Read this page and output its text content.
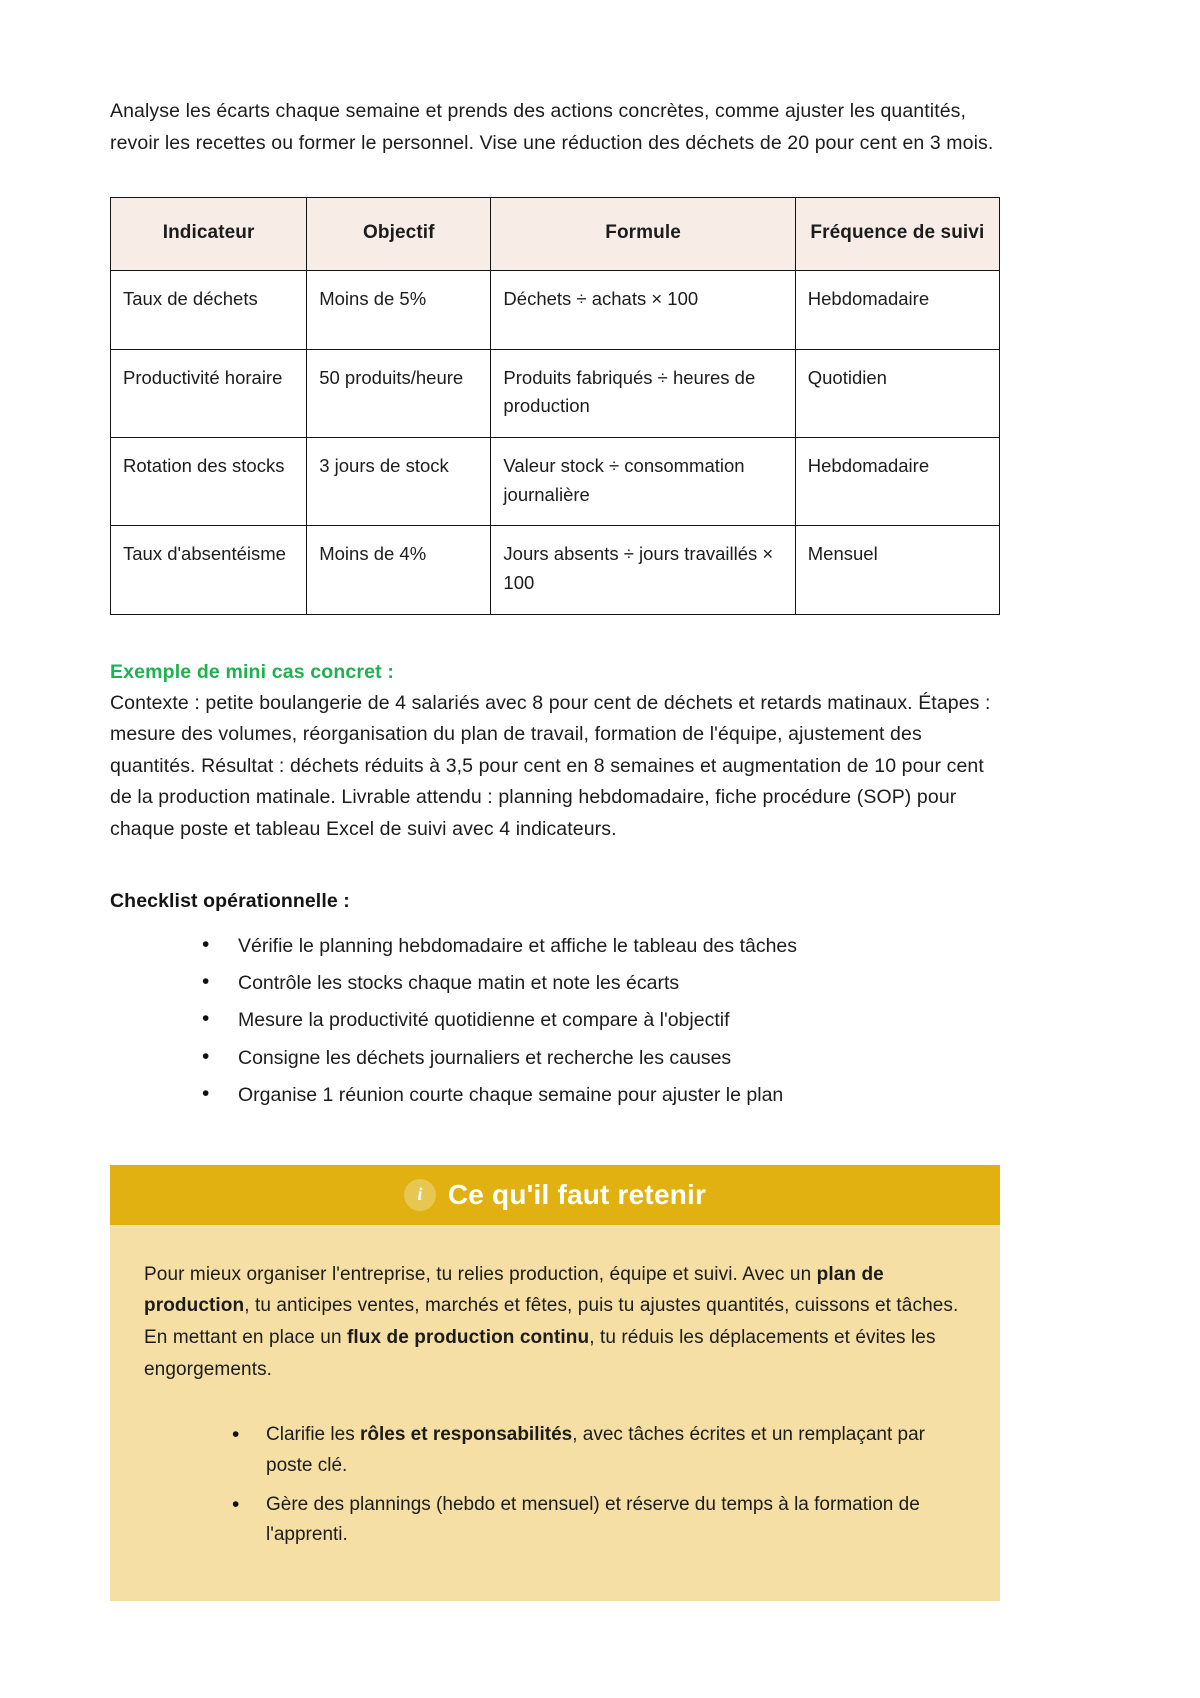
Analyse les écarts chaque semaine et prends des actions concrètes, comme ajuster les quantités, revoir les recettes ou former le personnel. Vise une réduction des déchets de 20 pour cent en 3 mois.

Indicateur	Objectif	Formule	Fréquence de suivi
Taux de déchets	Moins de 5%	Déchets ÷ achats × 100	Hebdomadaire
Productivité horaire	50 produits/heure	Produits fabriqués ÷ heures de production	Quotidien
Rotation des stocks	3 jours de stock	Valeur stock ÷ consommation journalière	Hebdomadaire
Taux d'absentéisme	Moins de 4%	Jours absents ÷ jours travaillés × 100	Mensuel

Exemple de mini cas concret :

Contexte : petite boulangerie de 4 salariés avec 8 pour cent de déchets et retards matinaux. Étapes : mesure des volumes, réorganisation du plan de travail, formation de l'équipe, ajustement des quantités. Résultat : déchets réduits à 3,5 pour cent en 8 semaines et augmentation de 10 pour cent de la production matinale. Livrable attendu : planning hebdomadaire, fiche procédure (SOP) pour chaque poste et tableau Excel de suivi avec 4 indicateurs.

Checklist opérationnelle :

• Vérifie le planning hebdomadaire et affiche le tableau des tâches
• Contrôle les stocks chaque matin et note les écarts
• Mesure la productivité quotidienne et compare à l'objectif
• Consigne les déchets journaliers et recherche les causes
• Organise 1 réunion courte chaque semaine pour ajuster le plan
i Ce qu'il faut retenir

Pour mieux organiser l'entreprise, tu relies production, équipe et suivi. Avec un plan de production, tu anticipes ventes, marchés et fêtes, puis tu ajustes quantités, cuissons et tâches. En mettant en place un flux de production continu, tu réduis les déplacements et évites les engorgements.

• Clarifie les rôles et responsabilités, avec tâches écrites et un remplaçant par poste clé.
• Gère des plannings (hebdo et mensuel) et réserve du temps à la formation de l'apprenti.
